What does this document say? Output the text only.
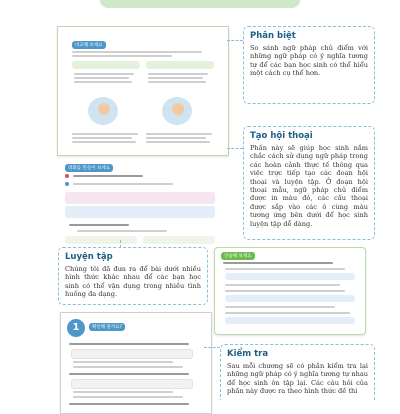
비교해 보세요
대화를 만들어 보세요
연습해 보세요
1	확인해 볼까요?
Phân biệt

So sánh ngữ pháp chủ điểm với những ngữ pháp có ý nghĩa tương tự để các bạn học sinh có thể hiểu một cách cụ thể hơn.

Tạo hội thoại

Phần này sẽ giúp học sinh nắm chắc cách sử dụng ngữ pháp trong các hoàn cảnh thực tế thông qua việc trực tiếp tạo các đoạn hội thoại và luyện tập. Ở đoạn hội thoại mẫu, ngữ pháp chủ điểm được in màu đỏ, các cấu thoại được sắp vào các ô cùng màu tương ứng bên dưới để học sinh luyện tập dễ dàng.

Luyện tập

Chúng tôi đã đưa ra để bài dưới nhiều hình thức khác nhau để các bạn học sinh có thể vận dụng trong nhiều tình huống đa dạng.

Kiểm tra

Sau mỗi chương sẽ có phần kiểm tra lại những ngữ pháp có ý nghĩa tương tự nhau để học sinh ôn tập lại. Các câu hỏi của phần này được ra theo hình thức đề thi
